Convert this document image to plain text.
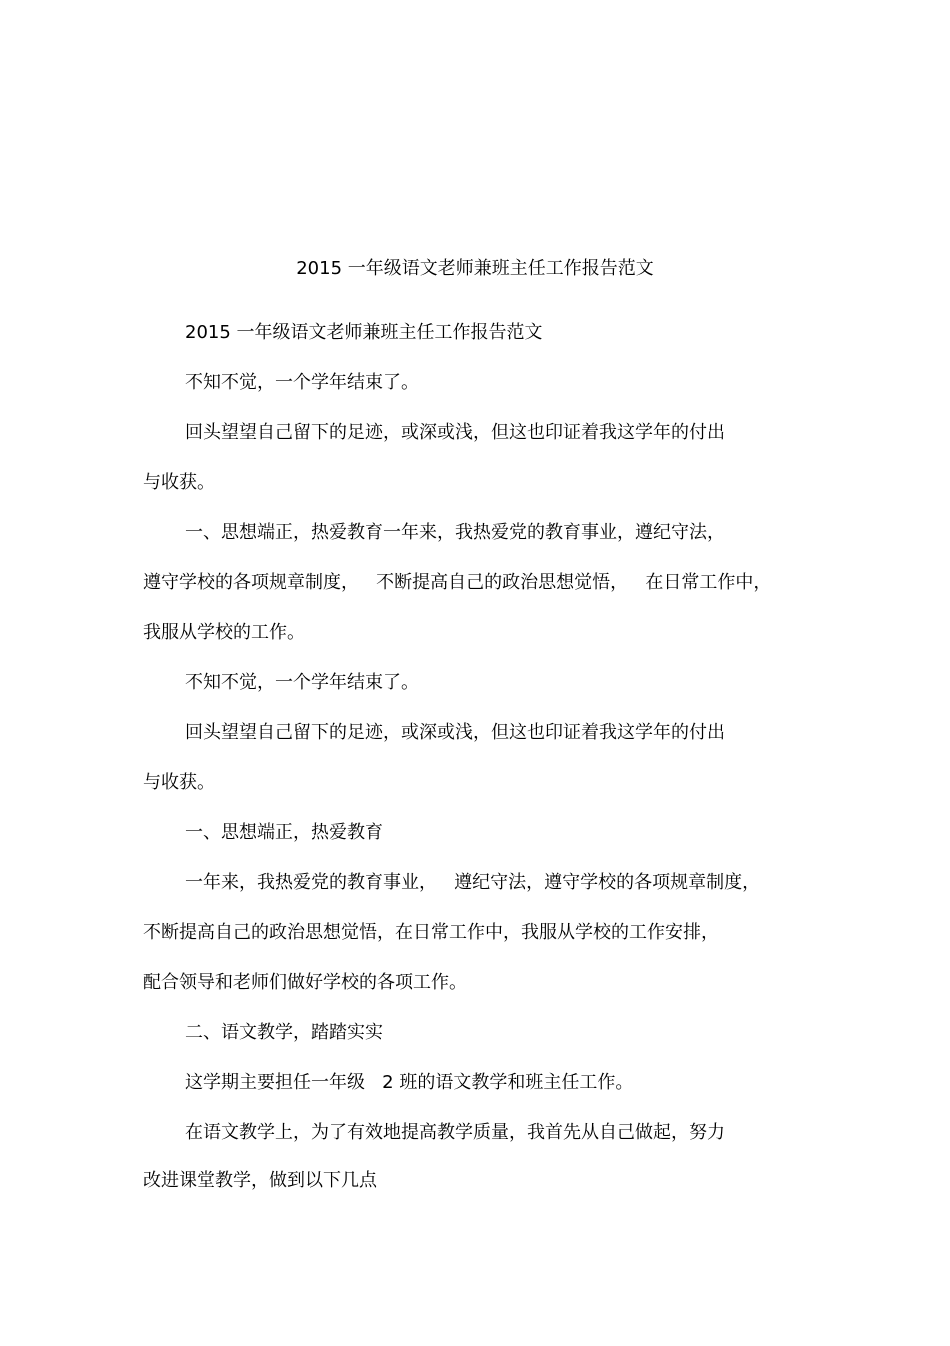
2015 一年级语文老师兼班主任工作报告范文
2015 一年级语文老师兼班主任工作报告范文
不知不觉，一个学年结束了。
回头望望自己留下的足迹，或深或浅，但这也印证着我这学年的付出
与收获。
一、思想端正，热爱教育一年来，我热爱党的教育事业，遵纪守法，
遵守学校的各项规章制度，   不断提高自己的政治思想觉悟，   在日常工作中，
我服从学校的工作。
不知不觉，一个学年结束了。
回头望望自己留下的足迹，或深或浅，但这也印证着我这学年的付出
与收获。
一、思想端正，热爱教育
一年来，我热爱党的教育事业，   遵纪守法，遵守学校的各项规章制度，
不断提高自己的政治思想觉悟，在日常工作中，我服从学校的工作安排，
配合领导和老师们做好学校的各项工作。
二、语文教学，踏踏实实
这学期主要担任一年级   2 班的语文教学和班主任工作。
在语文教学上，为了有效地提高教学质量，我首先从自己做起，努力
改进课堂教学，做到以下几点
